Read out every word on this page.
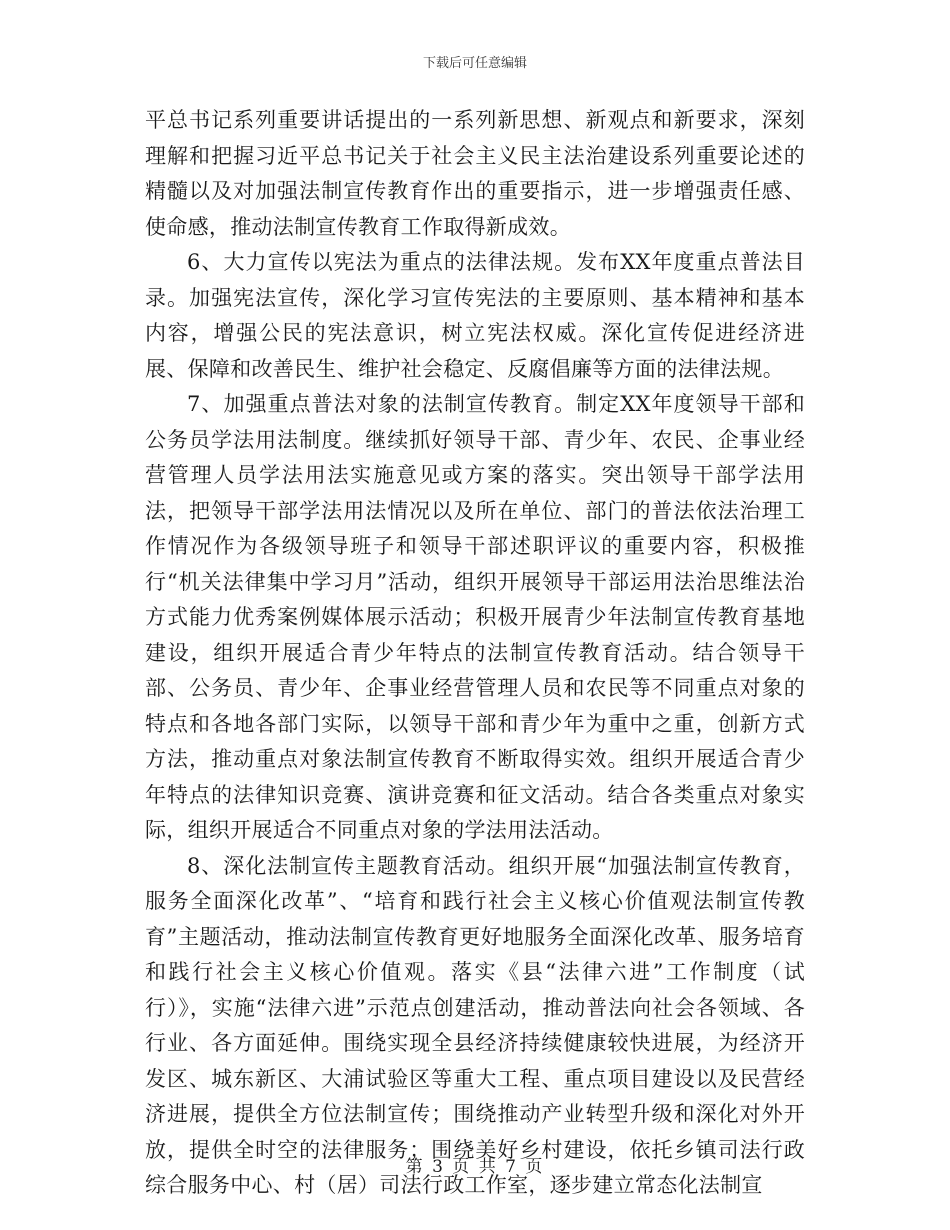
下载后可任意编辑

平总书记系列重要讲话提出的一系列新思想、新观点和新要求，深刻理解和把握习近平总书记关于社会主义民主法治建设系列重要论述的精髓以及对加强法制宣传教育作出的重要指示，进一步增强责任感、使命感，推动法制宣传教育工作取得新成效。

6、大力宣传以宪法为重点的法律法规。发布XX年度重点普法目录。加强宪法宣传，深化学习宣传宪法的主要原则、基本精神和基本内容，增强公民的宪法意识，树立宪法权威。深化宣传促进经济进展、保障和改善民生、维护社会稳定、反腐倡廉等方面的法律法规。

7、加强重点普法对象的法制宣传教育。制定XX年度领导干部和公务员学法用法制度。继续抓好领导干部、青少年、农民、企事业经营管理人员学法用法实施意见或方案的落实。突出领导干部学法用法，把领导干部学法用法情况以及所在单位、部门的普法依法治理工作情况作为各级领导班子和领导干部述职评议的重要内容，积极推行“机关法律集中学习月”活动，组织开展领导干部运用法治思维法治方式能力优秀案例媒体展示活动；积极开展青少年法制宣传教育基地建设，组织开展适合青少年特点的法制宣传教育活动。结合领导干部、公务员、青少年、企事业经营管理人员和农民等不同重点对象的特点和各地各部门实际，以领导干部和青少年为重中之重，创新方式方法，推动重点对象法制宣传教育不断取得实效。组织开展适合青少年特点的法律知识竞赛、演讲竞赛和征文活动。结合各类重点对象实际，组织开展适合不同重点对象的学法用法活动。

8、深化法制宣传主题教育活动。组织开展“加强法制宣传教育，服务全面深化改革”、“培育和践行社会主义核心价值观法制宣传教育”主题活动，推动法制宣传教育更好地服务全面深化改革、服务培育和践行社会主义核心价值观。落实《县“法律六进”工作制度（试行）》，实施“法律六进”示范点创建活动，推动普法向社会各领域、各行业、各方面延伸。围绕实现全县经济持续健康较快进展，为经济开发区、城东新区、大浦试验区等重大工程、重点项目建设以及民营经济进展，提供全方位法制宣传；围绕推动产业转型升级和深化对外开放，提供全时空的法律服务；围绕美好乡村建设，依托乡镇司法行政综合服务中心、村（居）司法行政工作室，逐步建立常态化法制宣

第 3 页 共 7 页
